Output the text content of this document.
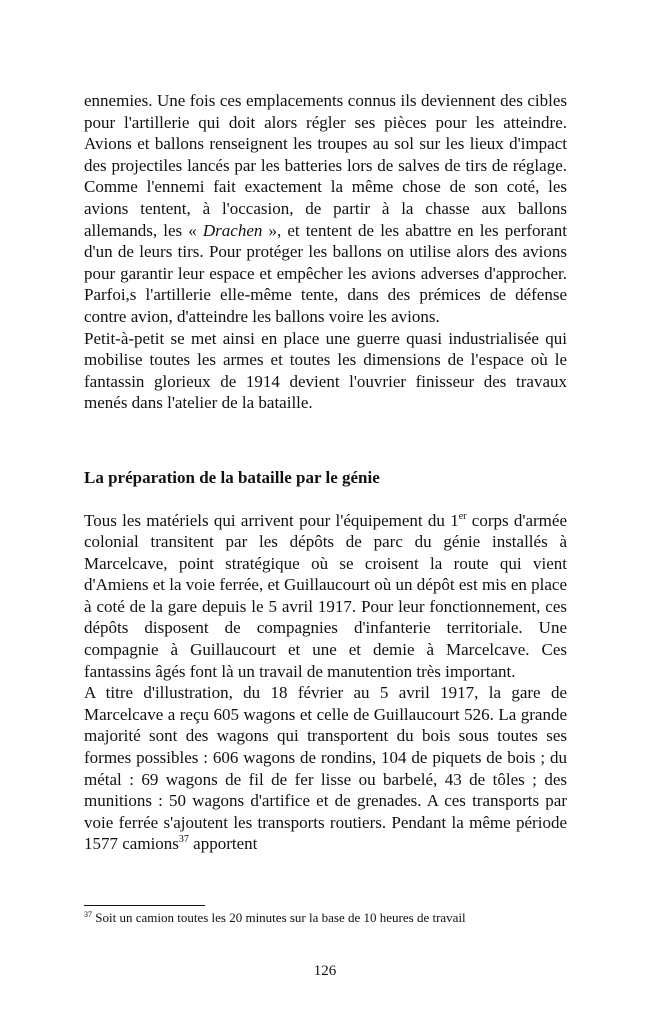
ennemies. Une fois ces emplacements connus ils deviennent des cibles pour l'artillerie qui doit alors régler ses pièces pour les atteindre. Avions et ballons renseignent les troupes au sol sur les lieux d'impact des projectiles lancés par les batteries lors de salves de tirs de réglage. Comme l'ennemi fait exactement la même chose de son coté, les avions tentent, à l'occasion, de partir à la chasse aux ballons allemands, les « Drachen », et tentent de les abattre en les perforant d'un de leurs tirs. Pour protéger les ballons on utilise alors des avions pour garantir leur espace et empêcher les avions adverses d'approcher. Parfoi,s l'artillerie elle-même tente, dans des prémices de défense contre avion, d'atteindre les ballons voire les avions.

Petit-à-petit se met ainsi en place une guerre quasi industrialisée qui mobilise toutes les armes et toutes les dimensions de l'espace où le fantassin glorieux de 1914 devient l'ouvrier finisseur des travaux menés dans l'atelier de la bataille.

La préparation de la bataille par le génie

Tous les matériels qui arrivent pour l'équipement du 1er corps d'armée colonial transitent par les dépôts de parc du génie installés à Marcelcave, point stratégique où se croisent la route qui vient d'Amiens et la voie ferrée, et Guillaucourt où un dépôt est mis en place à coté de la gare depuis le 5 avril 1917. Pour leur fonctionnement, ces dépôts disposent de compagnies d'infanterie territoriale. Une compagnie à Guillaucourt et une et demie à Marcelcave. Ces fantassins âgés font là un travail de manutention très important.

A titre d'illustration, du 18 février au 5 avril 1917, la gare de Marcelcave a reçu 605 wagons et celle de Guillaucourt 526. La grande majorité sont des wagons qui transportent du bois sous toutes ses formes possibles : 606 wagons de rondins, 104 de piquets de bois ; du métal : 69 wagons de fil de fer lisse ou barbelé, 43 de tôles ; des munitions : 50 wagons d'artifice et de grenades. A ces transports par voie ferrée s'ajoutent les transports routiers. Pendant la même période 1577 camions$^{37}$ apportent

$^{37}$ Soit un camion toutes les 20 minutes sur la base de 10 heures de travail

126
